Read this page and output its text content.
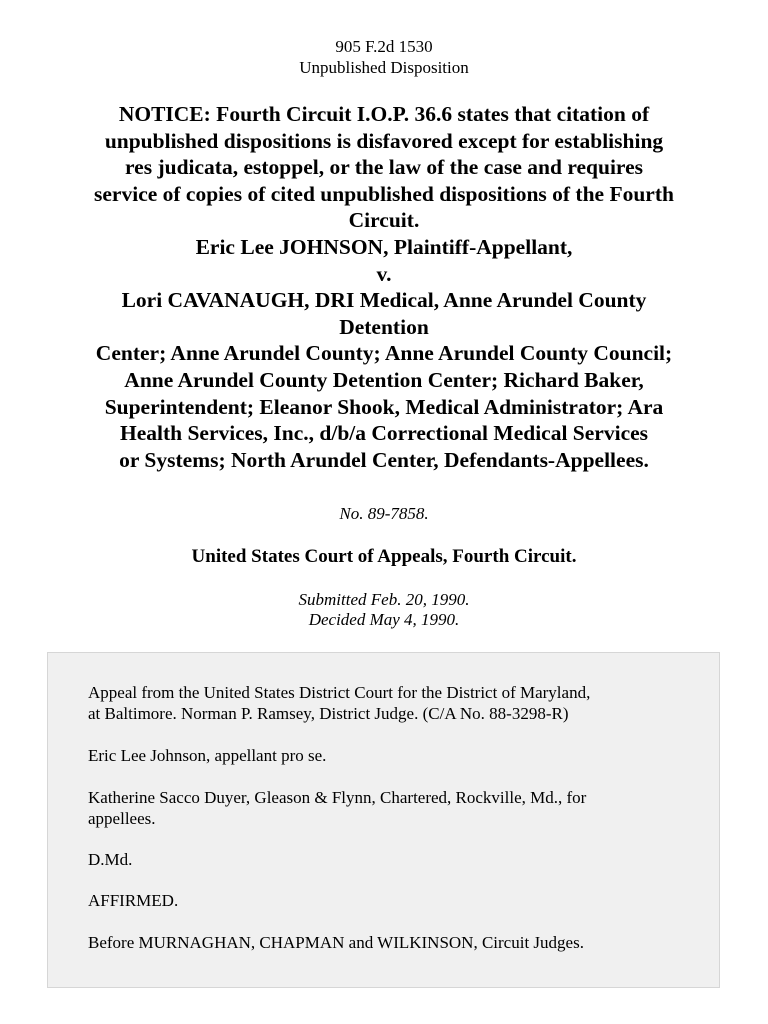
905 F.2d 1530
Unpublished Disposition
NOTICE: Fourth Circuit I.O.P. 36.6 states that citation of
unpublished dispositions is disfavored except for establishing
res judicata, estoppel, or the law of the case and requires
service of copies of cited unpublished dispositions of the Fourth
Circuit.
Eric Lee JOHNSON, Plaintiff-Appellant,
v.
Lori CAVANAUGH, DRI Medical, Anne Arundel County
Detention
Center; Anne Arundel County; Anne Arundel County Council;
Anne Arundel County Detention Center; Richard Baker,
Superintendent; Eleanor Shook, Medical Administrator; Ara
Health Services, Inc., d/b/a Correctional Medical Services
or Systems; North Arundel Center, Defendants-Appellees.
No. 89-7858.
United States Court of Appeals, Fourth Circuit.
Submitted Feb. 20, 1990.
Decided May 4, 1990.

Appeal from the United States District Court for the District of Maryland,
at Baltimore. Norman P. Ramsey, District Judge. (C/A No. 88-3298-R)

Eric Lee Johnson, appellant pro se.

Katherine Sacco Duyer, Gleason & Flynn, Chartered, Rockville, Md., for
appellees.

D.Md.

AFFIRMED.

Before MURNAGHAN, CHAPMAN and WILKINSON, Circuit Judges.
